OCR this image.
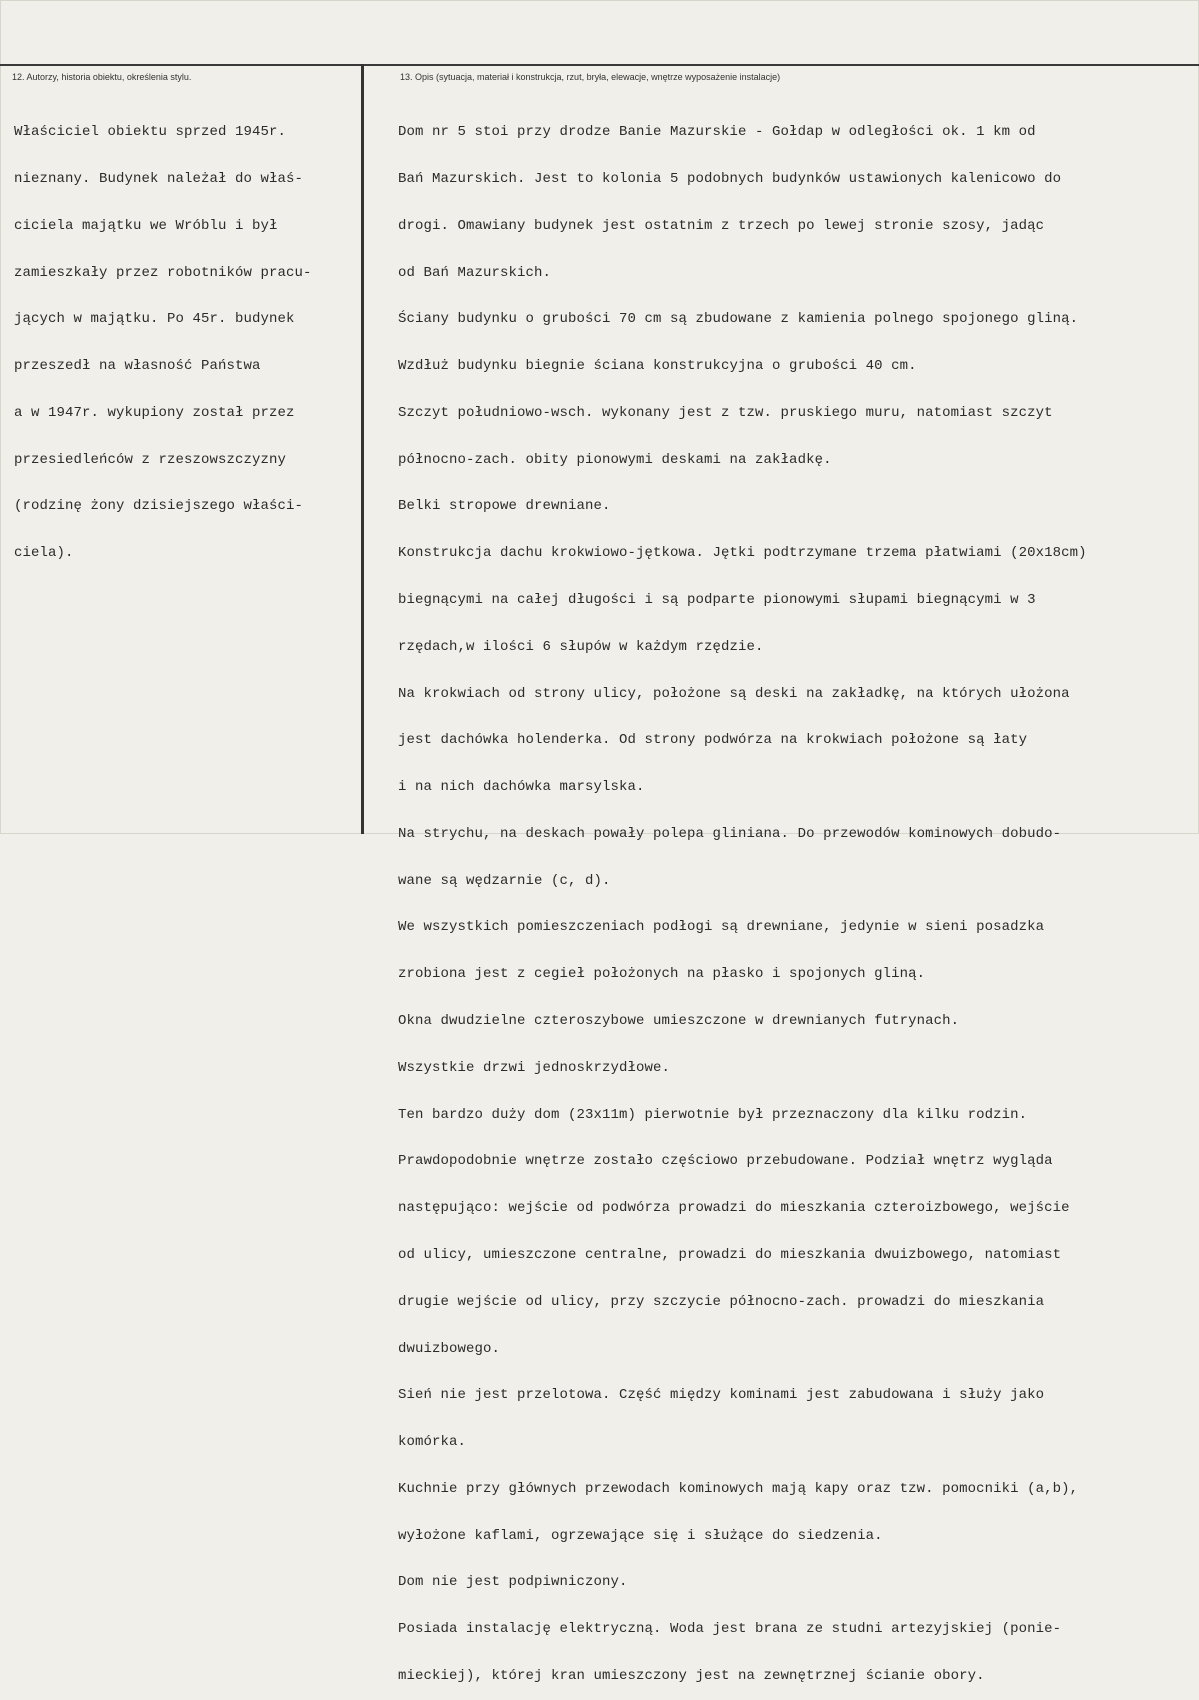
12. Autorzy, historia obiektu, określenia stylu.	13. Opis (sytuacja, materiał i konstrukcja, rzut, bryła, elewacje, wnętrze wyposażenie instalacje)

Właściciel obiektu sprzed 1945r.

nieznany. Budynek należał do właś-

ciciela majątku we Wróblu i był

zamieszkały przez robotników pracu-

jących w majątku. Po 45r. budynek

przeszedł na własność Państwa

a w 1947r. wykupiony został przez

przesiedleńców z rzeszowszczyzny

(rodzinę żony dzisiejszego właści-

ciela).

Dom nr 5 stoi przy drodze Banie Mazurskie - Gołdap w odległości ok. 1 km od

Bań Mazurskich. Jest to kolonia 5 podobnych budynków ustawionych kalenicowo do

drogi. Omawiany budynek jest ostatnim z trzech po lewej stronie szosy, jadąc

od Bań Mazurskich.

Ściany budynku o grubości 70 cm są zbudowane z kamienia polnego spojonego gliną.

Wzdłuż budynku biegnie ściana konstrukcyjna o grubości 40 cm.

Szczyt południowo-wsch. wykonany jest z tzw. pruskiego muru, natomiast szczyt

północno-zach. obity pionowymi deskami na zakładkę.

Belki stropowe drewniane.

Konstrukcja dachu krokwiowo-jętkowa. Jętki podtrzymane trzema płatwiami (20x18cm)

biegnącymi na całej długości i są podparte pionowymi słupami biegnącymi w 3

rzędach,w ilości 6 słupów w każdym rzędzie.

Na krokwiach od strony ulicy, położone są deski na zakładkę, na których ułożona

jest dachówka holenderka. Od strony podwórza na krokwiach położone są łaty

i na nich dachówka marsylska.

Na strychu, na deskach powały polepa gliniana. Do przewodów kominowych dobudo-

wane są wędzarnie (c, d).

We wszystkich pomieszczeniach podłogi są drewniane, jedynie w sieni posadzka

zrobiona jest z cegieł położonych na płasko i spojonych gliną.

Okna dwudzielne czteroszybowe umieszczone w drewnianych futrynach.

Wszystkie drzwi jednoskrzydłowe.

Ten bardzo duży dom (23x11m) pierwotnie był przeznaczony dla kilku rodzin.

Prawdopodobnie wnętrze zostało częściowo przebudowane. Podział wnętrz wygląda

następująco: wejście od podwórza prowadzi do mieszkania czteroizbowego, wejście

od ulicy, umieszczone centralne, prowadzi do mieszkania dwuizbowego, natomiast

drugie wejście od ulicy, przy szczycie północno-zach. prowadzi do mieszkania

dwuizbowego.

Sień nie jest przelotowa. Część między kominami jest zabudowana i służy jako

komórka.

Kuchnie przy głównych przewodach kominowych mają kapy oraz tzw. pomocniki (a,b),

wyłożone kaflami, ogrzewające się i służące do siedzenia.

Dom nie jest podpiwniczony.

Posiada instalację elektryczną. Woda jest brana ze studni artezyjskiej (ponie-

mieckiej), której kran umieszczony jest na zewnętrznej ścianie obory.
